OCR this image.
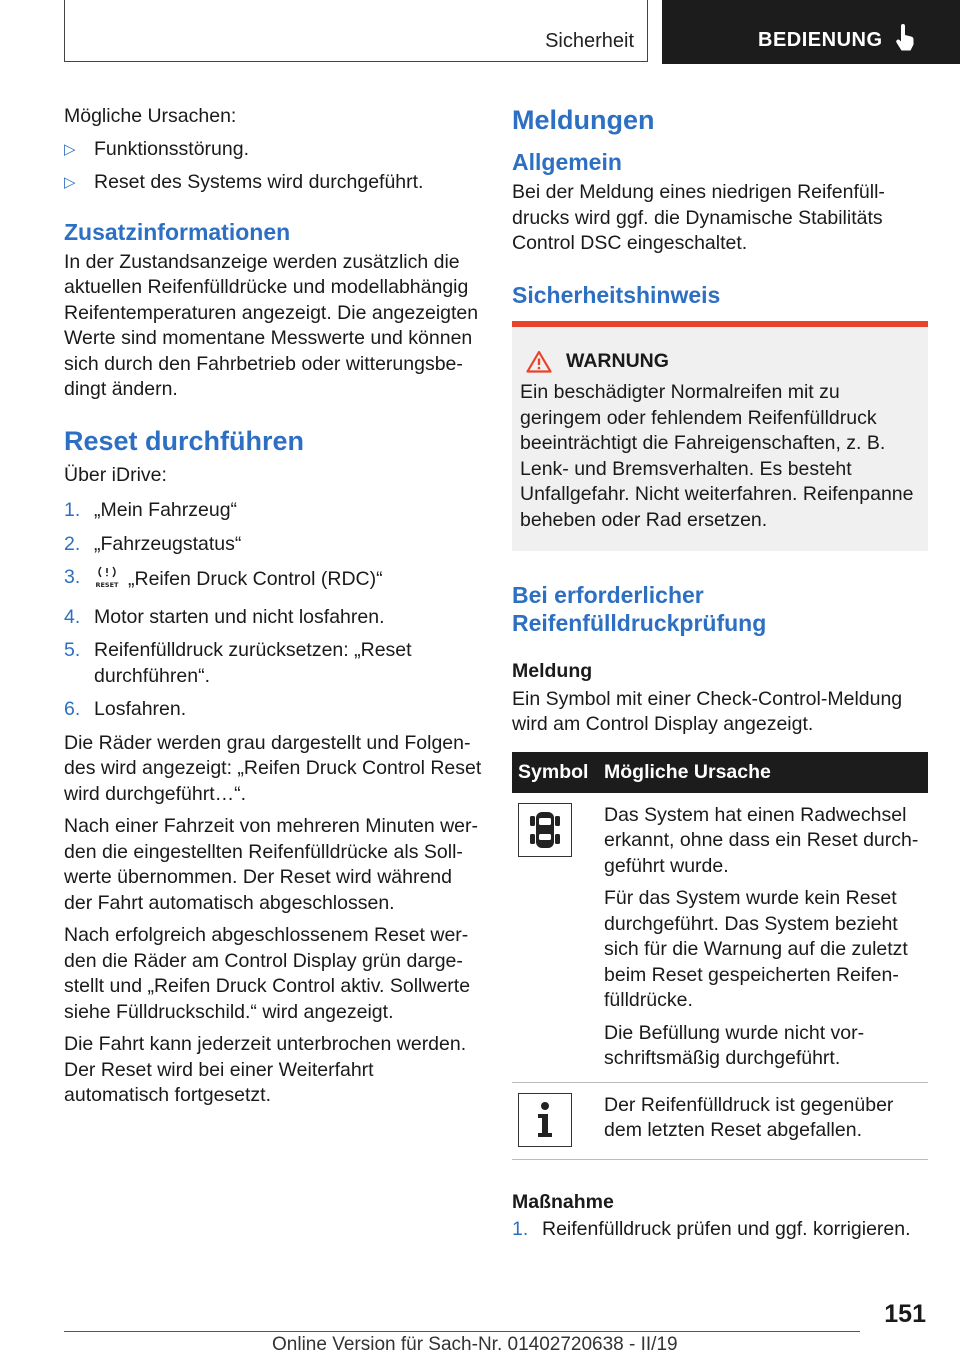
Sicherheit	BEDIENUNG

Mögliche Ursachen:

▷ Funktionsstörung.
▷ Reset des Systems wird durchgeführt.
Zusatzinformationen

In der Zustandsanzeige werden zusätzlich die aktuellen Reifenfülldrücke und modellabhängig Reifentemperaturen angezeigt. Die angezeigten Werte sind momentane Messwerte und können sich durch den Fahrbetrieb oder witterungsbedingt ändern.

Reset durchführen

Über iDrive:

1. „Mein Fahrzeug“
2. „Fahrzeugstatus“
3. RESET „Reifen Druck Control (RDC)“
4. Motor starten und nicht losfahren.
5. Reifenfülldruck zurücksetzen: „Reset durchführen“.
6. Losfahren.

Die Räder werden grau dargestellt und Folgendes wird angezeigt: „Reifen Druck Control Reset wird durchgeführt…“.

Nach einer Fahrzeit von mehreren Minuten werden die eingestellten Reifenfülldrücke als Sollwerte übernommen. Der Reset wird während der Fahrt automatisch abgeschlossen.

Nach erfolgreich abgeschlossenem Reset werden die Räder am Control Display grün dargestellt und „Reifen Druck Control aktiv. Sollwerte siehe Fülldruckschild.“ wird angezeigt.

Die Fahrt kann jederzeit unterbrochen werden. Der Reset wird bei einer Weiterfahrt automatisch fortgesetzt.

Meldungen
Allgemein

Bei der Meldung eines niedrigen Reifenfülldrucks wird ggf. die Dynamische Stabilitäts Control DSC eingeschaltet.

Sicherheitshinweis
WARNUNG
Ein beschädigter Normalreifen mit zu geringem oder fehlendem Reifenfülldruck beeinträchtigt die Fahreigenschaften, z. B. Lenk- und Bremsverhalten. Es besteht Unfallgefahr. Nicht weiterfahren. Reifenpanne beheben oder Rad ersetzen.
Bei erforderlicher Reifenfülldruckprüfung
Meldung

Ein Symbol mit einer Check-Control-Meldung wird am Control Display angezeigt.

Symbol	Mögliche Ursache

Das System hat einen Radwechsel erkannt, ohne dass ein Reset durchgeführt wurde.

Für das System wurde kein Reset durchgeführt. Das System bezieht sich für die Warnung auf die zuletzt beim Reset gespeicherten Reifenfülldrücke.

Die Befüllung wurde nicht vorschriftsmäßig durchgeführt.

Der Reifenfülldruck ist gegenüber dem letzten Reset abgefallen.

Maßnahme
1. Reifenfülldruck prüfen und ggf. korrigieren.
151
Online Version für Sach-Nr. 01402720638 - II/19
